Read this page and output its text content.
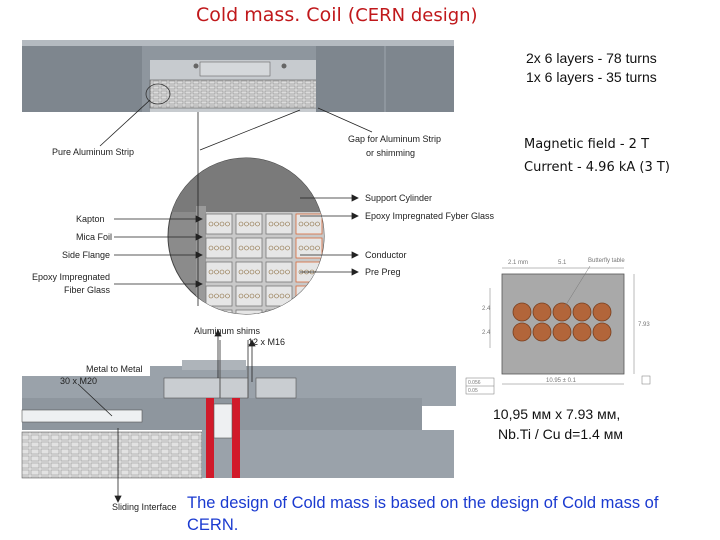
Cold mass. Coil (CERN design)
2x 6 layers - 78 turns
1x 6 layers - 35 turns
Magnetic field - 2 T
Current - 4.96 kA (3 T)
10,95 мм x 7.93 мм,
Nb.Ti / Cu d=1.4 мм
The design of Cold mass is based on the design of Cold mass of CERN.
Pure Aluminum Strip
Gap for Aluminum Strip
or shimming
Support Cylinder
Epoxy Impregnated Fyber Glass
Conductor
Pre Preg
Kapton
Mica Foil
Side Flange
Epoxy Impregnated
Fiber Glass
Aluminum shims
12 x M16
Metal to Metal
30 x M20
Sliding Interface
2.1 mm	5.1	Butterfly table
2.4
2.4
7.93
10.95 ± 0.1
0.056
0.05
